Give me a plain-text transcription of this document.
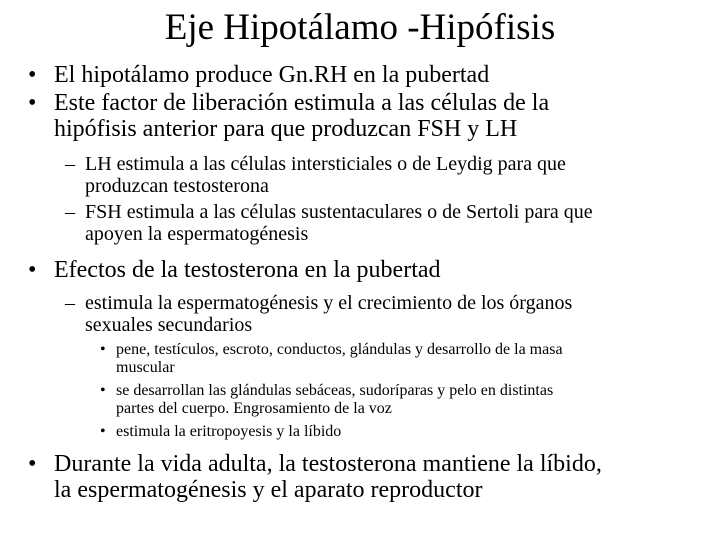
Eje Hipotálamo -Hipófisis
• El hipotálamo produce Gn.RH en la pubertad
• Este factor de liberación estimula a las células de la
hipófisis anterior para que produzcan FSH y LH
– LH estimula a las células intersticiales o de Leydig para que
produzcan testosterona
– FSH estimula a las células sustentaculares o de Sertoli para que
apoyen la espermatogénesis
• Efectos de la testosterona en la pubertad
– estimula la espermatogénesis y el crecimiento de los órganos
sexuales secundarios
• pene, testículos, escroto, conductos, glándulas y desarrollo de la masa
muscular
• se desarrollan las glándulas sebáceas, sudoríparas y pelo en distintas
partes del cuerpo. Engrosamiento de la voz
• estimula la eritropoyesis y la líbido
• Durante la vida adulta, la testosterona mantiene la líbido,
la espermatogénesis y el aparato reproductor
